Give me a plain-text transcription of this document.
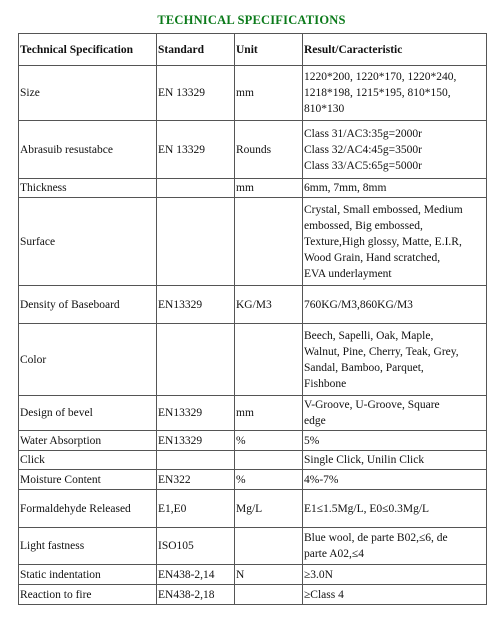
TECHNICAL SPECIFICATIONS
Technical Specification	Standard	Unit	Result/Caracteristic
Size	EN 13329	mm	1220*200, 1220*170, 1220*240,
1218*198, 1215*195, 810*150,
810*130

Abrasuib resustabce	EN 13329	Rounds	Class 31/AC3:35g=2000r
Class 32/AC4:45g=3500r
Class 33/AC5:65g=5000r

Thickness		mm	6mm, 7mm, 8mm

Surface			Crystal, Small embossed, Medium
embossed, Big embossed,
Texture,High glossy, Matte, E.I.R,
Wood Grain, Hand scratched,
EVA underlayment

Density of Baseboard	EN13329	KG/M3	760KG/M3,860KG/M3

Color			Beech, Sapelli, Oak, Maple,
Walnut, Pine, Cherry, Teak, Grey,
Sandal, Bamboo, Parquet,
Fishbone

Design of bevel	EN13329	mm	V-Groove, U-Groove, Square
edge

Water Absorption	EN13329	%	5%

Click			Single Click, Unilin Click

Moisture Content	EN322	%	4%-7%

Formaldehyde Released	E1,E0	Mg/L	E1≤1.5Mg/L, E0≤0.3Mg/L

Light fastness	ISO105		Blue wool, de parte B02,≤6, de
parte A02,≤4

Static indentation	EN438-2,14	N	≥3.0N

Reaction to fire	EN438-2,18		≥Class 4
